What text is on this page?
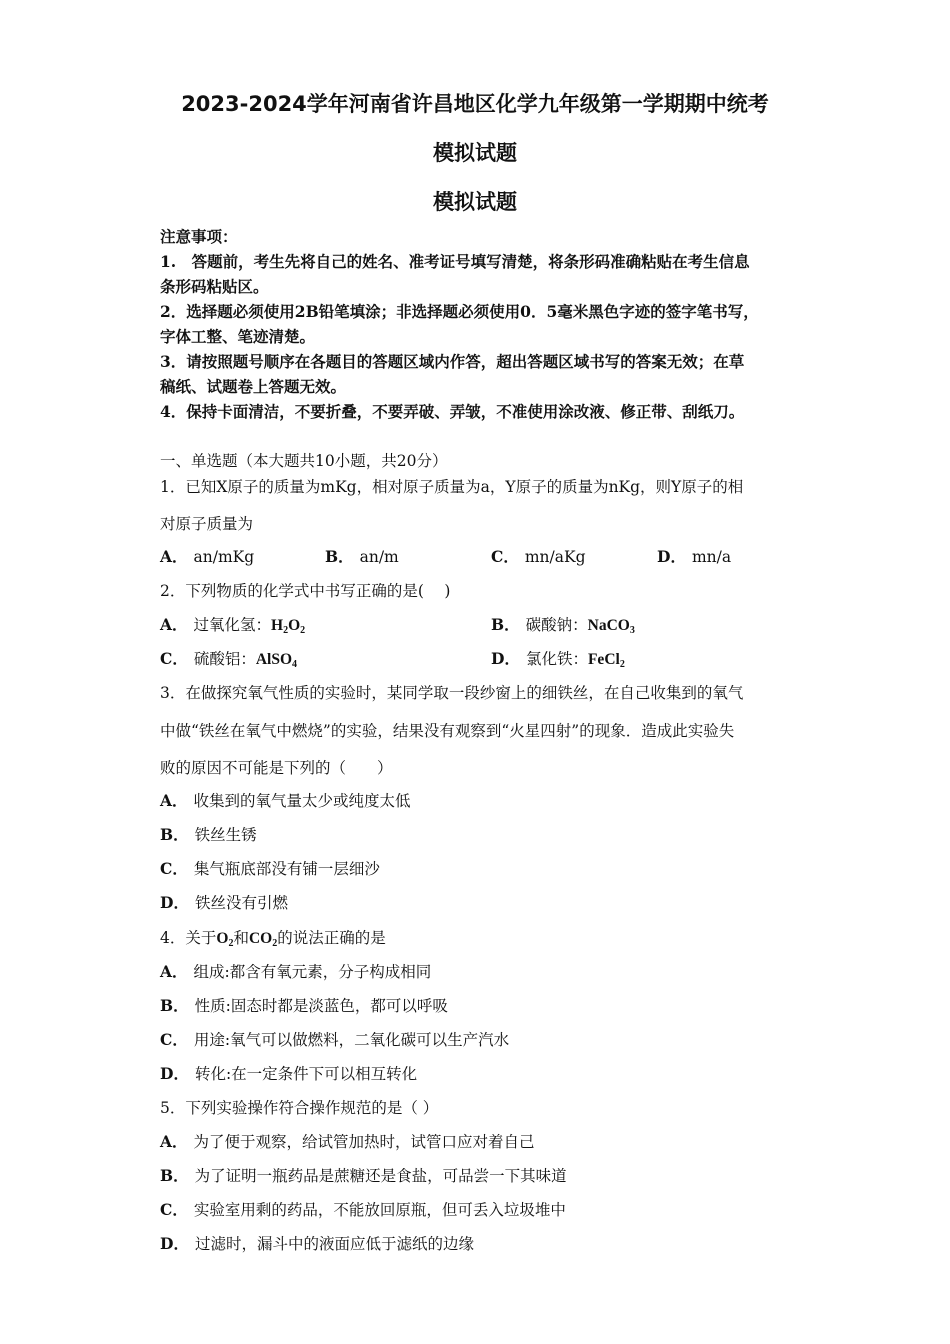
2023-2024学年河南省许昌地区化学九年级第一学期期中统考
模拟试题
模拟试题
注意事项：
1.　答题前，考生先将自己的姓名、准考证号填写清楚，将条形码准确粘贴在考生信息
条形码粘贴区。
2．选择题必须使用2B铅笔填涂；非选择题必须使用0．5毫米黑色字迹的签字笔书写，
字体工整、笔迹清楚。
3．请按照题号顺序在各题目的答题区域内作答，超出答题区域书写的答案无效；在草
稿纸、试题卷上答题无效。
4．保持卡面清洁，不要折叠，不要弄破、弄皱，不准使用涂改液、修正带、刮纸刀。
一、单选题（本大题共10小题，共20分）
1．已知X原子的质量为mKg，相对原子质量为a，Y原子的质量为nKg，则Y原子的相
对原子质量为
A． an/mKg	B． an/m	C． mn/aKg	D． mn/a
2．下列物质的化学式中书写正确的是(　 )
A． 过氧化氢：$H_2O_2$	B． 碳酸钠：NaCO$_3$
C． 硫酸铝：AlSO$_4$	D． 氯化铁：FeCl$_2$
3．在做探究氧气性质的实验时，某同学取一段纱窗上的细铁丝，在自己收集到的氧气
中做“铁丝在氧气中燃烧”的实验，结果没有观察到“火星四射”的现象．造成此实验失
败的原因不可能是下列的（　　）
A． 收集到的氧气量太少或纯度太低
B． 铁丝生锈
C． 集气瓶底部没有铺一层细沙
D． 铁丝没有引燃
4．关于$O_2$和$CO_2$的说法正确的是
A． 组成:都含有氧元素，分子构成相同
B． 性质:固态时都是淡蓝色，都可以呼吸
C． 用途:氧气可以做燃料，二氧化碳可以生产汽水
D． 转化:在一定条件下可以相互转化
5．下列实验操作符合操作规范的是（ ）
A． 为了便于观察，给试管加热时，试管口应对着自己
B． 为了证明一瓶药品是蔗糖还是食盐，可品尝一下其味道
C． 实验室用剩的药品，不能放回原瓶，但可丢入垃圾堆中
D． 过滤时，漏斗中的液面应低于滤纸的边缘
